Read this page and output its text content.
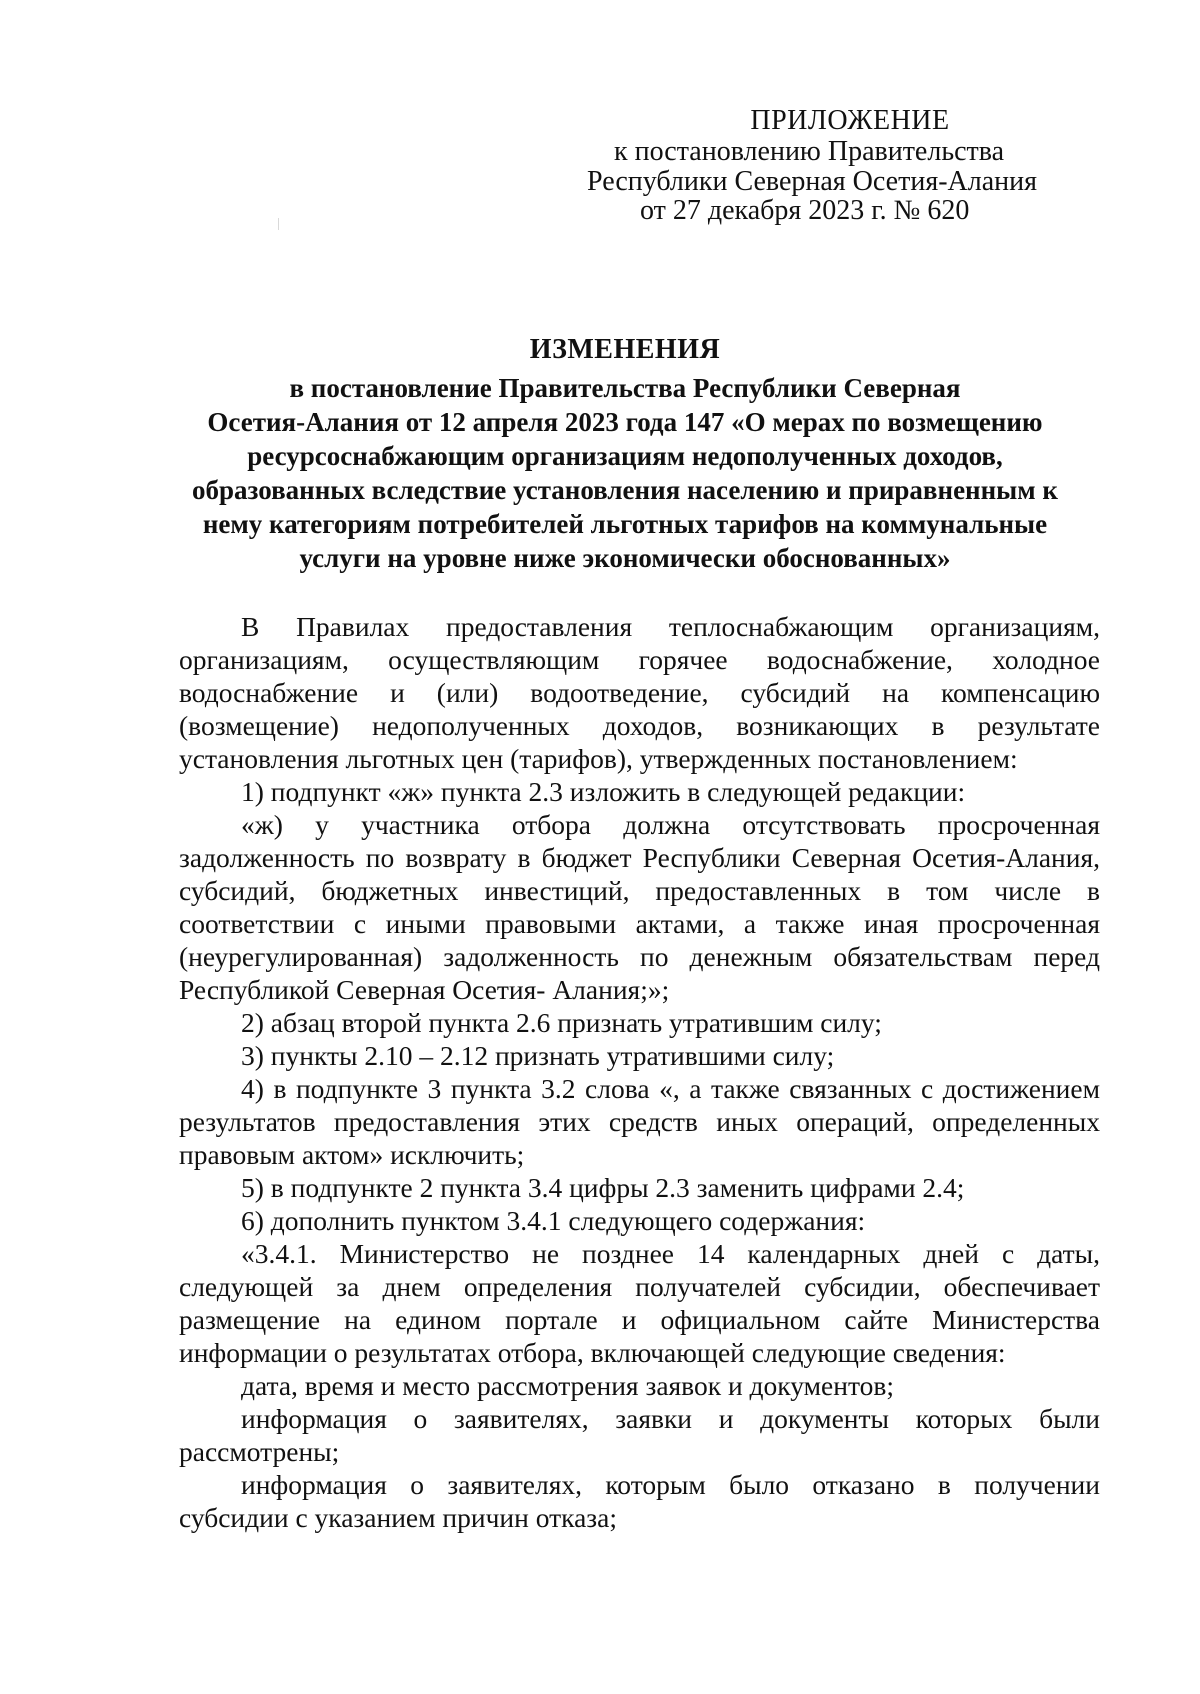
ПРИЛОЖЕНИЕ
к постановлению Правительства
Республики Северная Осетия-Алания
от 27 декабря 2023 г. № 620
ИЗМЕНЕНИЯ
в постановление Правительства Республики Северная
Осетия-Алания от 12 апреля 2023 года 147 «О мерах по возмещению
ресурсоснабжающим организациям недополученных доходов,
образованных вследствие установления населению и приравненным к
нему категориям потребителей льготных тарифов на коммунальные
услуги на уровне ниже экономически обоснованных»

В Правилах предоставления теплоснабжающим организациям, организациям, осуществляющим горячее водоснабжение, холодное водоснабжение и (или) водоотведение, субсидий на компенсацию (возмещение) недополученных доходов, возникающих в результате установления льготных цен (тарифов), утвержденных постановлением:

1) подпункт «ж» пункта 2.3 изложить в следующей редакции:

«ж) у участника отбора должна отсутствовать просроченная задолженность по возврату в бюджет Республики Северная Осетия-Алания, субсидий, бюджетных инвестиций, предоставленных в том числе в соответствии с иными правовыми актами, а также иная просроченная (неурегулированная) задолженность по денежным обязательствам перед Республикой Северная Осетия- Алания;»;

2) абзац второй пункта 2.6 признать утратившим силу;

3) пункты 2.10 – 2.12 признать утратившими силу;

4) в подпункте 3 пункта 3.2 слова «, а также связанных с достижением результатов предоставления этих средств иных операций, определенных правовым актом» исключить;

5) в подпункте 2 пункта 3.4 цифры 2.3 заменить цифрами 2.4;

6) дополнить пунктом 3.4.1 следующего содержания:

«3.4.1. Министерство не позднее 14 календарных дней с даты, следующей за днем определения получателей субсидии, обеспечивает размещение на едином портале и официальном сайте Министерства информации о результатах отбора, включающей следующие сведения:

дата, время и место рассмотрения заявок и документов;

информация о заявителях, заявки и документы которых были рассмотрены;

информация о заявителях, которым было отказано в получении субсидии с указанием причин отказа;
